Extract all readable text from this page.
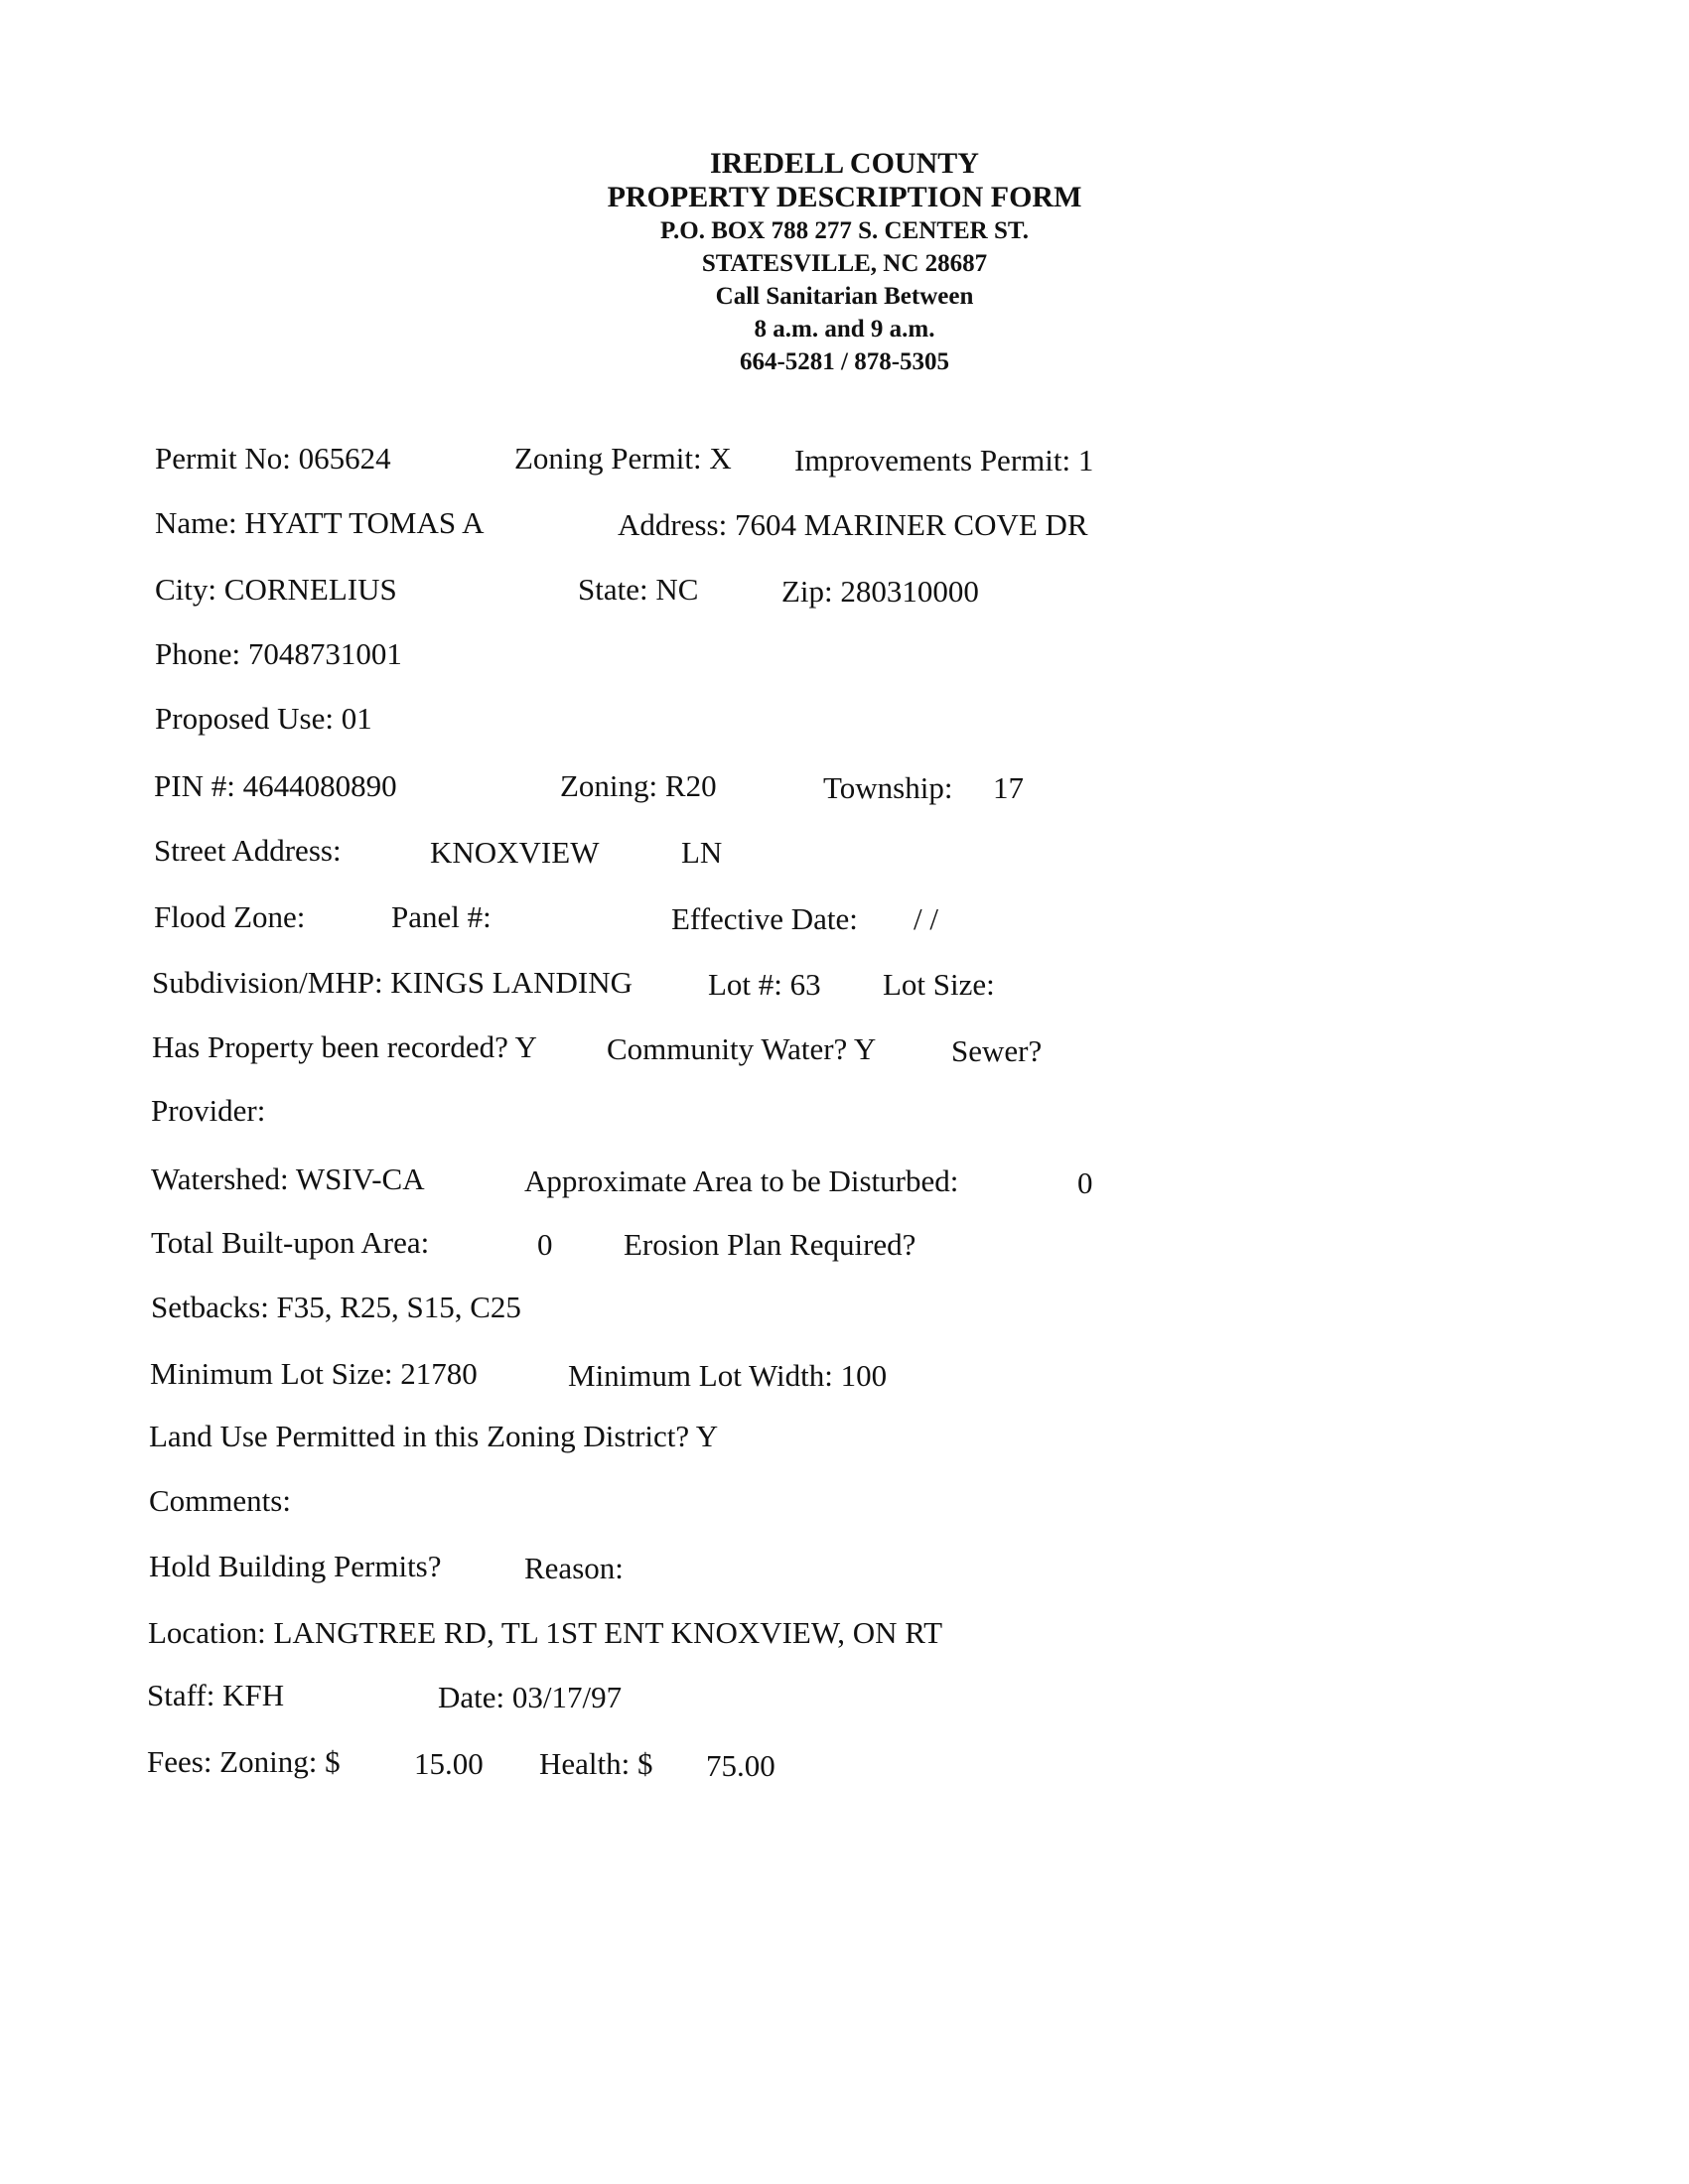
IREDELL COUNTY
PROPERTY DESCRIPTION FORM
P.O. BOX 788 277 S. CENTER ST.
STATESVILLE, NC 28687
Call Sanitarian Between
8 a.m. and 9 a.m.
664-5281 / 878-5305
Permit No: 065624	Zoning Permit: X Improvements Permit: 1
Name: HYATT TOMAS A	Address: 7604 MARINER COVE DR
City: CORNELIUS	State: NC	Zip: 280310000
Phone: 7048731001
Proposed Use: 01
PIN #: 4644080890	Zoning: R20	Township: 17
Street Address:	KNOXVIEW	LN
Flood Zone:	Panel #:	Effective Date: / /
Subdivision/MHP: KINGS LANDING Lot #: 63 Lot Size:
Has Property been recorded? Y Community Water? Y Sewer?
Provider:
Watershed: WSIV-CA	Approximate Area to be Disturbed:	0
Total Built-upon Area:	0 Erosion Plan Required?
Setbacks: F35, R25, S15, C25
Minimum Lot Size: 21780	Minimum Lot Width: 100
Land Use Permitted in this Zoning District? Y
Comments:
Hold Building Permits?	Reason:
Location: LANGTREE RD, TL 1ST ENT KNOXVIEW, ON RT
Staff: KFH	Date: 03/17/97
Fees: Zoning: $ 15.00 Health: $ 75.00
